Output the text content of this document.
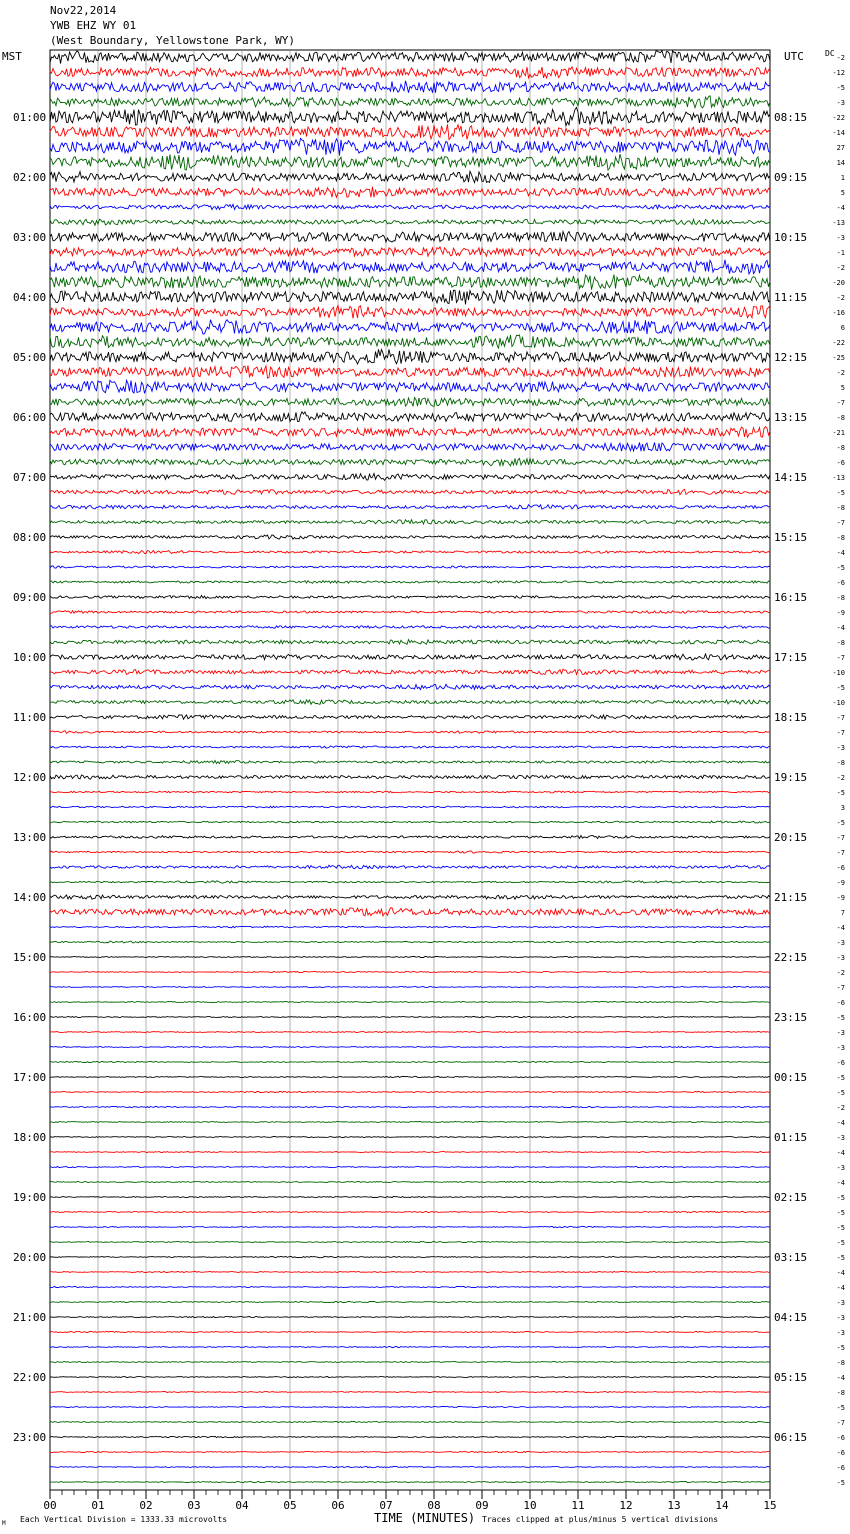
01:00
02:00
03:00
04:00
05:00
06:00
07:00
08:00
09:00
10:00
11:00
12:00
13:00
14:00
15:00
16:00
17:00
18:00
19:00
20:00
21:00
22:00
23:00
08:15
09:15
10:15
11:15
12:15
13:15
14:15
15:15
16:15
17:15
18:15
19:15
20:15
21:15
22:15
23:15
00:15
01:15
02:15
03:15
04:15
05:15
06:15
-2
-12
-5
-3
-22
-14
27
14
1
5
-4
-13
-3
-1
-2
-20
-2
-16
6
-22
-25
-2
5
-7
-8
-21
-8
-6
-13
-5
-8
-7
-8
-4
-5
-6
-8
-9
-4
-8
-7
-10
-5
-10
-7
-7
-3
-8
-2
-5
3
-5
-7
-7
-6
-9
-9
7
-4
-3
-3
-2
-7
-6
-5
-3
-3
-6
-5
-5
-2
-4
-3
-4
-3
-4
-5
-5
-5
-5
-5
-4
-4
-3
-3
-3
-5
-8
-4
-8
-5
-7
-6
-6
-6
-5
00	01	02	03	04	05	06	07	08	09	10	11	12	13	14	15
Nov22,2014
YWB EHZ WY 01
(West Boundary, Yellowstone Park, WY)
MST	UTC	DC
TIME (MINUTES)
Each Vertical Division = 1333.33 microvolts	Traces clipped at plus/minus 5 vertical divisions
M
